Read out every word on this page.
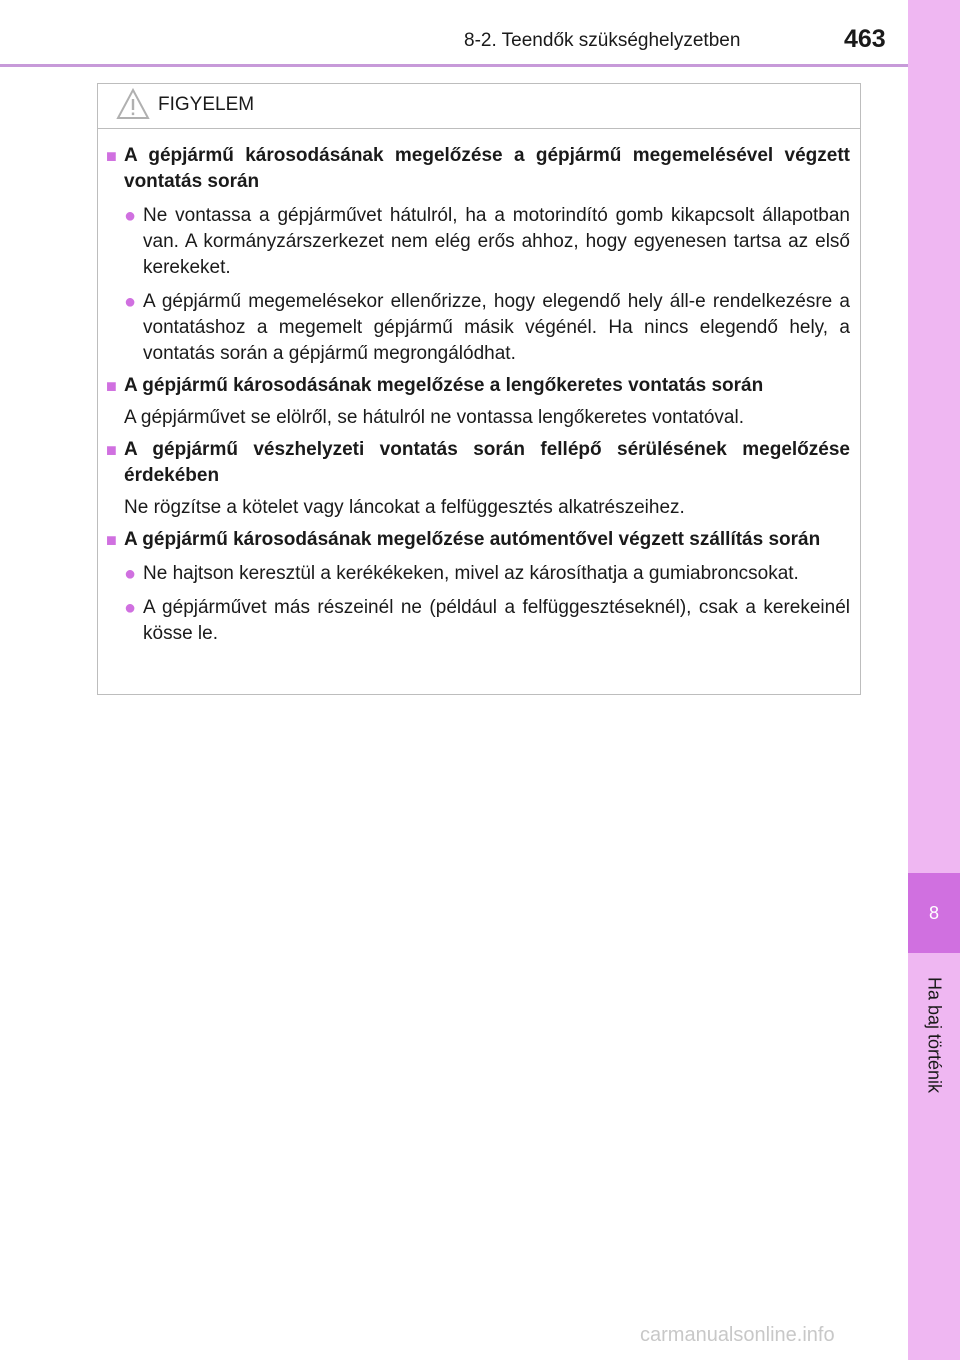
8-2. Teendők szükséghelyzetben	463
8
Ha baj történik
FIGYELEM
■ A gépjármű károsodásának megelőzése a gépjármű megemelésével végzett vontatás során
● Ne vontassa a gépjárművet hátulról, ha a motorindító gomb kikapcsolt állapotban van. A kormányzárszerkezet nem elég erős ahhoz, hogy egyenesen tartsa az első kerekeket.
● A gépjármű megemelésekor ellenőrizze, hogy elegendő hely áll-e rendelkezésre a vontatáshoz a megemelt gépjármű másik végénél. Ha nincs elegendő hely, a vontatás során a gépjármű megrongálódhat.
■ A gépjármű károsodásának megelőzése a lengőkeretes vontatás során
A gépjárművet se elölről, se hátulról ne vontassa lengőkeretes vontatóval.
■ A gépjármű vészhelyzeti vontatás során fellépő sérülésének megelőzése érdekében
Ne rögzítse a kötelet vagy láncokat a felfüggesztés alkatrészeihez.
■ A gépjármű károsodásának megelőzése autómentővel végzett szállítás során
● Ne hajtson keresztül a kerékékeken, mivel az károsíthatja a gumiabroncsokat.
● A gépjárművet más részeinél ne (például a felfüggesztéseknél), csak a kerekeinél kösse le.
carmanualsonline.info
